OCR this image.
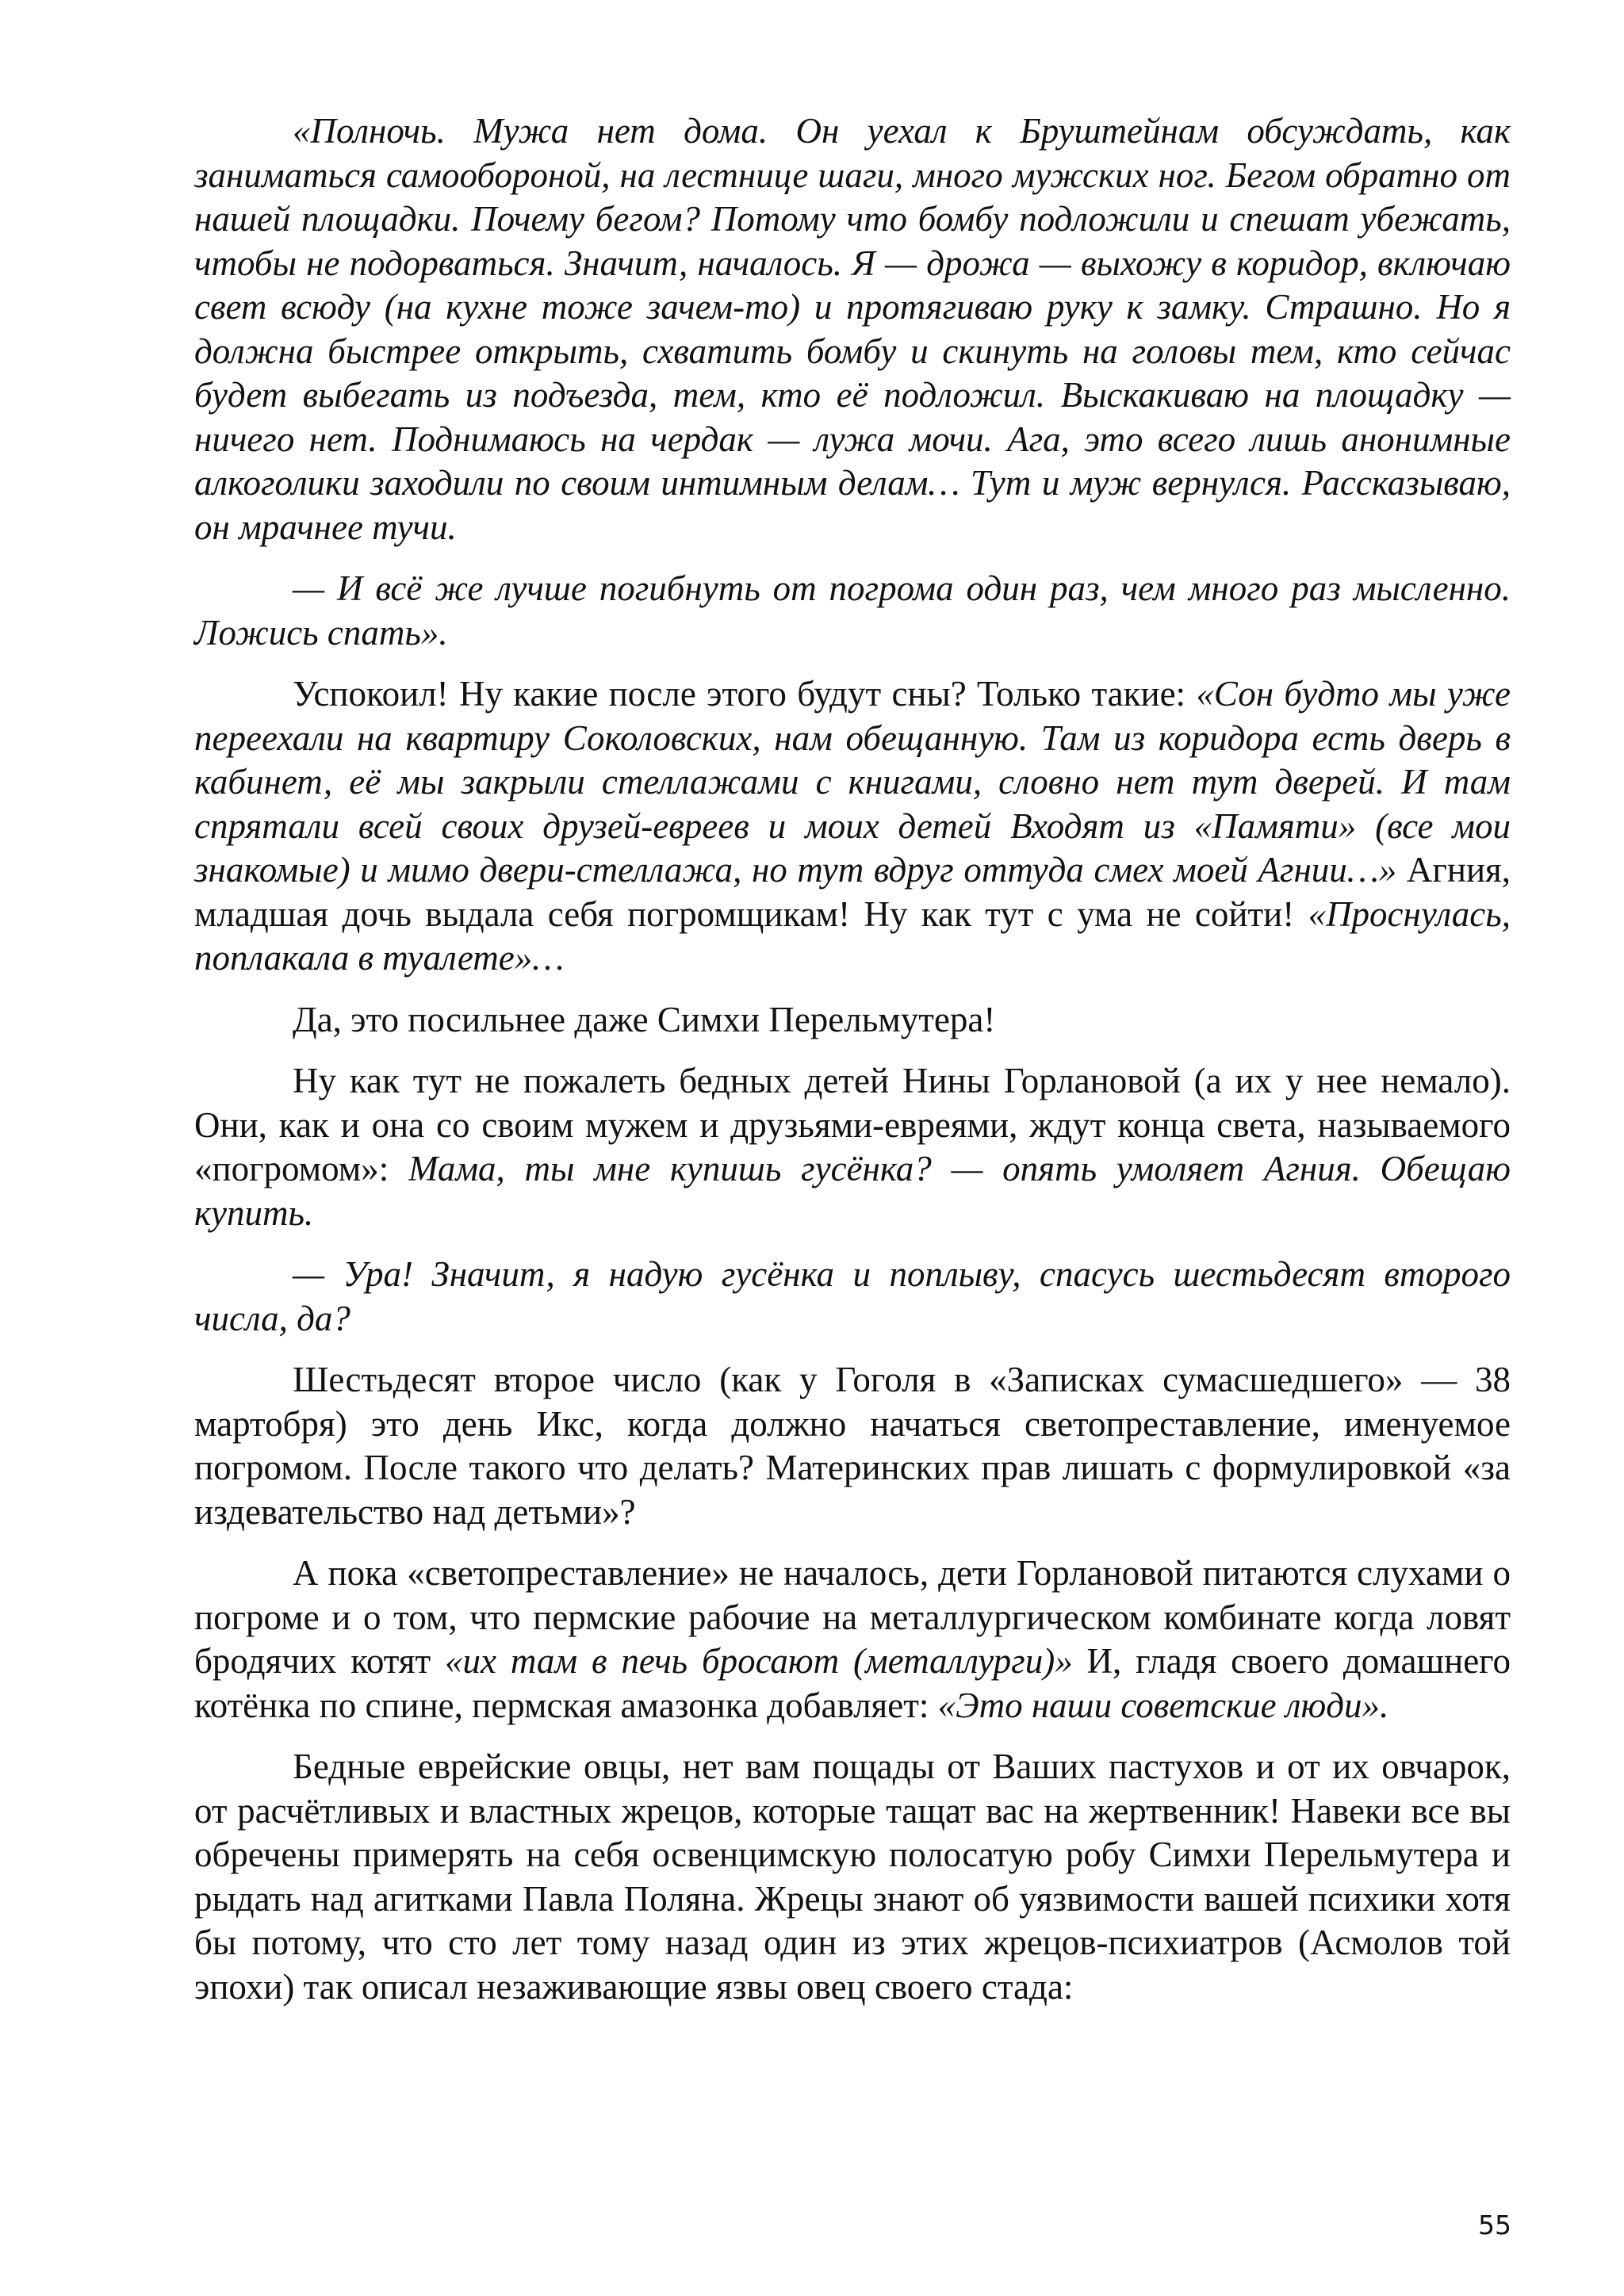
«Полночь. Мужа нет дома. Он уехал к Бруштейнам обсуждать, как заниматься самообороной, на лестнице шаги, много мужских ног. Бегом обратно от нашей площадки. Почему бегом? Потому что бомбу подложили и спешат убежать, чтобы не подорваться. Значит, началось. Я — дрожа — выхожу в коридор, включаю свет всюду (на кухне тоже зачем-то) и протягиваю руку к замку. Страшно. Но я должна быстрее открыть, схватить бомбу и скинуть на головы тем, кто сейчас будет выбегать из подъезда, тем, кто её подложил. Выскакиваю на площадку — ничего нет. Поднимаюсь на чердак — лужа мочи. Ага, это всего лишь анонимные алкоголики заходили по своим интимным делам… Тут и муж вернулся. Рассказываю, он мрачнее тучи.

— И всё же лучше погибнуть от погрома один раз, чем много раз мысленно. Ложись спать».

Успокоил! Ну какие после этого будут сны? Только такие: «Сон будто мы уже переехали на квартиру Соколовских, нам обещанную. Там из коридора есть дверь в кабинет, её мы закрыли стеллажами с книгами, словно нет тут дверей. И там спрятали всей своих друзей-евреев и моих детей Входят из «Памяти» (все мои знакомые) и мимо двери-стеллажа, но тут вдруг оттуда смех моей Агнии…» Агния, младшая дочь выдала себя погромщикам! Ну как тут с ума не сойти! «Проснулась, поплакала в туалете»…

Да, это посильнее даже Симхи Перельмутера!

Ну как тут не пожалеть бедных детей Нины Горлановой (а их у нее немало). Они, как и она со своим мужем и друзьями-евреями, ждут конца света, называемого «погромом»: Мама, ты мне купишь гусёнка? — опять умоляет Агния. Обещаю купить.

— Ура! Значит, я надую гусёнка и поплыву, спасусь шестьдесят второго числа, да?

Шестьдесят второе число (как у Гоголя в «Записках сумасшедшего» — 38 мартобря) это день Икс, когда должно начаться светопреставление, именуемое погромом. После такого что делать? Материнских прав лишать с формулировкой «за издевательство над детьми»?

А пока «светопреставление» не началось, дети Горлановой питаются слухами о погроме и о том, что пермские рабочие на металлургическом комбинате когда ловят бродячих котят «их там в печь бросают (металлурги)» И, гладя своего домашнего котёнка по спине, пермская амазонка добавляет: «Это наши советские люди».

Бедные еврейские овцы, нет вам пощады от Ваших пастухов и от их овчарок, от расчётливых и властных жрецов, которые тащат вас на жертвенник! Навеки все вы обречены примерять на себя освенцимскую полосатую робу Симхи Перельмутера и рыдать над агитками Павла Поляна. Жрецы знают об уязвимости вашей психики хотя бы потому, что сто лет тому назад один из этих жрецов-психиатров (Асмолов той эпохи) так описал незаживающие язвы овец своего стада:

55
